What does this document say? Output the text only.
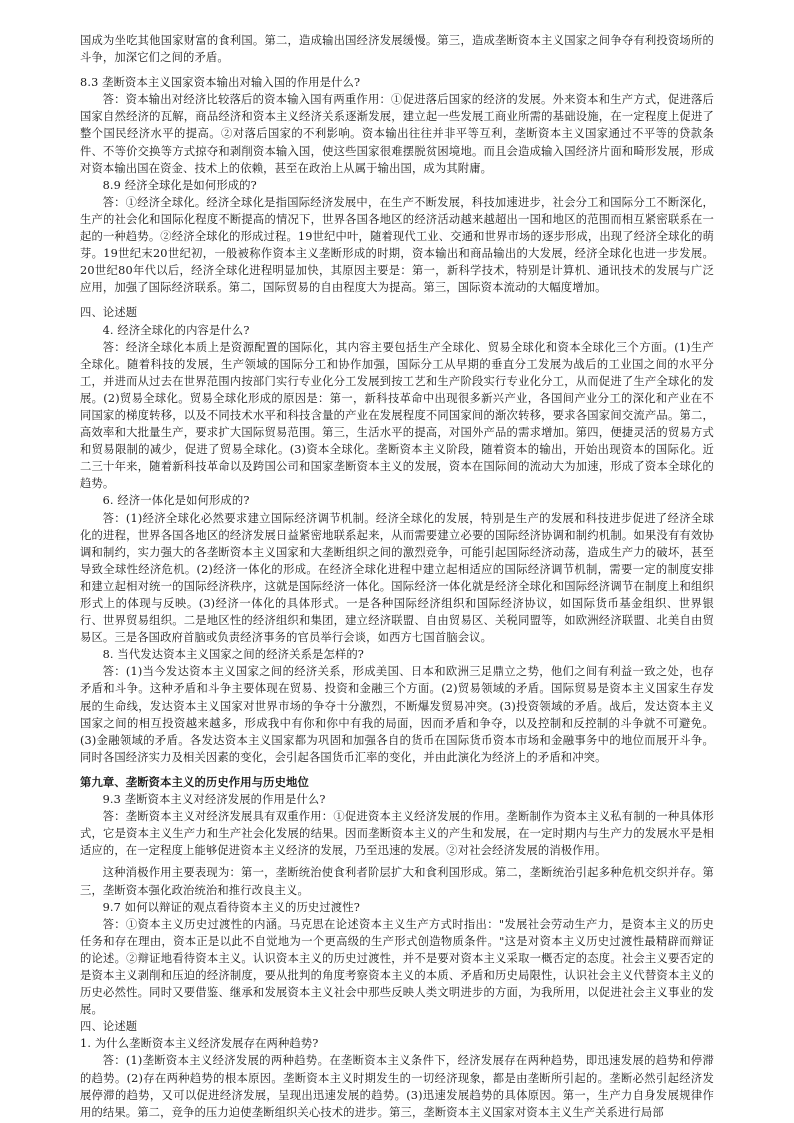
国成为坐吃其他国家财富的食利国。第二，造成输出国经济发展缓慢。第三，造成垄断资本主义国家之间争夺有利投资场所的斗争，加深它们之间的矛盾。

8.3 垄断资本主义国家资本输出对输入国的作用是什么?

答：资本输出对经济比较落后的资本输入国有两重作用：①促进落后国家的经济的发展。外来资本和生产方式，促进落后国家自然经济的瓦解，商品经济和资本主义经济关系逐渐发展，建立起一些发展工商业所需的基础设施，在一定程度上促进了整个国民经济水平的提高。②对落后国家的不利影响。资本输出往往并非平等互利，垄断资本主义国家通过不平等的贷款条件、不等价交换等方式掠夺和剥削资本输入国，使这些国家很难摆脱贫困境地。而且会造成输入国经济片面和畸形发展，形成对资本输出国在资金、技术上的依赖，甚至在政治上从属于输出国，成为其附庸。

8.9 经济全球化是如何形成的?

答：①经济全球化。经济全球化是指国际经济发展中，在生产不断发展，科技加速进步，社会分工和国际分工不断深化，生产的社会化和国际化程度不断提高的情况下，世界各国各地区的经济活动越来越超出一国和地区的范围而相互紧密联系在一起的一种趋势。②经济全球化的形成过程。19世纪中叶，随着现代工业、交通和世界市场的逐步形成，出现了经济全球化的萌芽。19世纪末20世纪初，一般被称作资本主义垄断形成的时期，资本输出和商品输出的大发展，经济全球化也进一步发展。20世纪80年代以后，经济全球化进程明显加快，其原因主要是：第一，新科学技术，特别是计算机、通讯技术的发展与广泛应用，加强了国际经济联系。第二，国际贸易的自由程度大为提高。第三，国际资本流动的大幅度增加。

四、论述题

4. 经济全球化的内容是什么?

答：经济全球化本质上是资源配置的国际化，其内容主要包括生产全球化、贸易全球化和资本全球化三个方面。(1)生产全球化。随着科技的发展，生产领域的国际分工和协作加强，国际分工从早期的垂直分工发展为战后的工业国之间的水平分工，并进而从过去在世界范围内按部门实行专业化分工发展到按工艺和生产阶段实行专业化分工，从而促进了生产全球化的发展。(2)贸易全球化。贸易全球化形成的原因是：第一，新科技革命中出现很多新兴产业，各国间产业分工的深化和产业在不同国家的梯度转移，以及不同技术水平和科技含量的产业在发展程度不同国家间的渐次转移，要求各国家间交流产品。第二，高效率和大批量生产，要求扩大国际贸易范围。第三，生活水平的提高，对国外产品的需求增加。第四，便捷灵活的贸易方式和贸易限制的减少，促进了贸易全球化。(3)资本全球化。垄断资本主义阶段，随着资本的输出，开始出现资本的国际化。近二三十年来，随着新科技革命以及跨国公司和国家垄断资本主义的发展，资本在国际间的流动大为加速，形成了资本全球化的趋势。

6. 经济一体化是如何形成的?

答：(1)经济全球化必然要求建立国际经济调节机制。经济全球化的发展，特别是生产的发展和科技进步促进了经济全球化的进程，世界各国各地区的经济发展日益紧密地联系起来，从而需要建立必要的国际经济协调和制约机制。如果没有有效协调和制约，实力强大的各垄断资本主义国家和大垄断组织之间的激烈竞争，可能引起国际经济动荡，造成生产力的破坏，甚至导致全球性经济危机。(2)经济一体化的形成。在经济全球化进程中建立起相适应的国际经济调节机制，需要一定的制度安排和建立起相对统一的国际经济秩序，这就是国际经济一体化。国际经济一体化就是经济全球化和国际经济调节在制度上和组织形式上的体现与反映。(3)经济一体化的具体形式。一是各种国际经济组织和国际经济协议，如国际货币基金组织、世界银行、世界贸易组织。二是地区性的经济组织和集团，建立经济联盟、自由贸易区、关税同盟等，如欧洲经济联盟、北美自由贸易区。三是各国政府首脑或负责经济事务的官员举行会谈，如西方七国首脑会议。

8. 当代发达资本主义国家之间的经济关系是怎样的?

答：(1)当今发达资本主义国家之间的经济关系，形成美国、日本和欧洲三足鼎立之势，他们之间有利益一致之处，也存矛盾和斗争。这种矛盾和斗争主要体现在贸易、投资和金融三个方面。(2)贸易领域的矛盾。国际贸易是资本主义国家生存发展的生命线，发达资本主义国家对世界市场的争夺十分激烈，不断爆发贸易冲突。(3)投资领域的矛盾。战后，发达资本主义国家之间的相互投资越来越多，形成我中有你和你中有我的局面，因而矛盾和争夺，以及控制和反控制的斗争就不可避免。(3)金融领域的矛盾。各发达资本主义国家都为巩固和加强各自的货币在国际货币资本市场和金融事务中的地位而展开斗争。同时各国经济实力及相关因素的变化，会引起各国货币汇率的变化，并由此演化为经济上的矛盾和冲突。

第九章、垄断资本主义的历史作用与历史地位

9.3 垄断资本主义对经济发展的作用是什么?

答：垄断资本主义对经济发展具有双重作用：①促进资本主义经济发展的作用。垄断制作为资本主义私有制的一种具体形式，它是资本主义生产力和生产社会化发展的结果。因而垄断资本主义的产生和发展，在一定时期内与生产力的发展水平是相适应的，在一定程度上能够促进资本主义经济的发展，乃至迅速的发展。②对社会经济发展的消极作用。

这种消极作用主要表现为：第一，垄断统治使食利者阶层扩大和食利国形成。第二，垄断统治引起多种危机交织并存。第三，垄断资本强化政治统治和推行改良主义。

9.7 如何以辩证的观点看待资本主义的历史过渡性?

答：①资本主义历史过渡性的内涵。马克思在论述资本主义生产方式时指出："发展社会劳动生产力，是资本主义的历史任务和存在理由，资本正是以此不自觉地为一个更高级的生产形式创造物质条件。"这是对资本主义历史过渡性最精辟而辩证的论述。②辩证地看待资本主义。认识资本主义的历史过渡性，并不是要对资本主义采取一概否定的态度。社会主义要否定的是资本主义剥削和压迫的经济制度，要从批判的角度考察资本主义的本质、矛盾和历史局限性，认识社会主义代替资本主义的历史必然性。同时又要借鉴、继承和发展资本主义社会中那些反映人类文明进步的方面，为我所用，以促进社会主义事业的发展。

四、论述题

1. 为什么垄断资本主义经济发展存在两种趋势?

答：(1)垄断资本主义经济发展的两种趋势。在垄断资本主义条件下，经济发展存在两种趋势，即迅速发展的趋势和停滞的趋势。(2)存在两种趋势的根本原因。垄断资本主义时期发生的一切经济现象，都是由垄断所引起的。垄断必然引起经济发展停滞的趋势，又可以促进经济发展，呈现出迅速发展的趋势。(3)迅速发展趋势的具体原因。第一，生产力自身发展规律作用的结果。第二，竞争的压力迫使垄断组织关心技术的进步。第三，垄断资本主义国家对资本主义生产关系进行局部
